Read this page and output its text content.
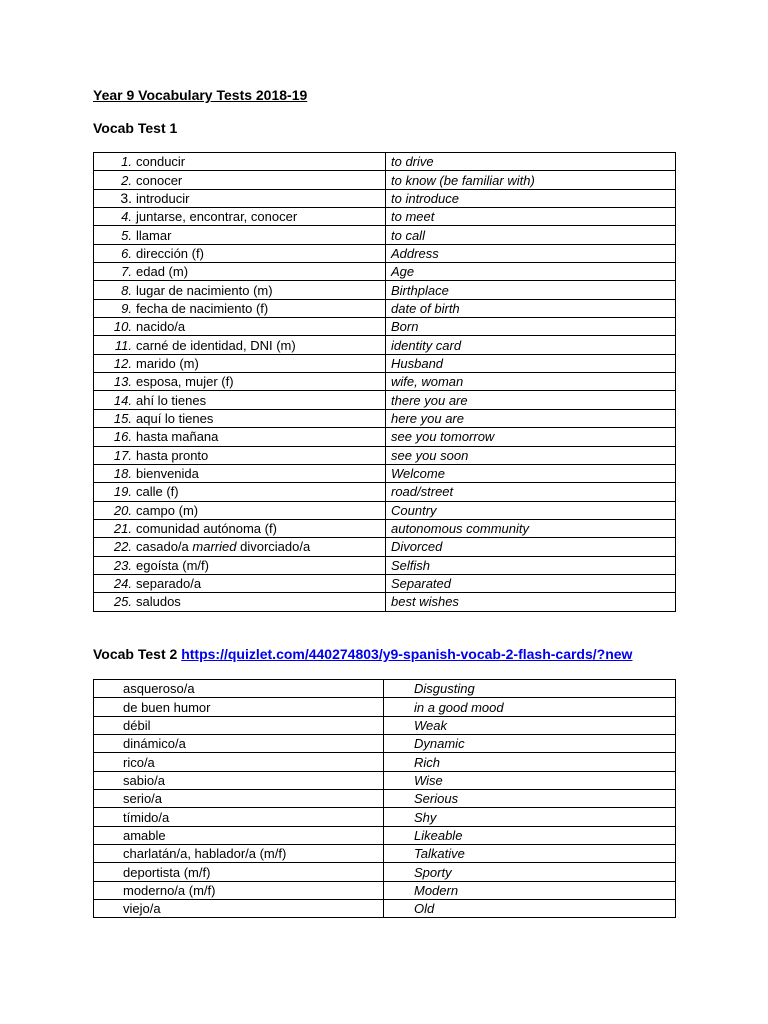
Year 9 Vocabulary Tests 2018-19
Vocab Test 1
1. conducir	to drive
2. conocer	to know (be familiar with)
3. introducir	to introduce
4. juntarse, encontrar, conocer	to meet
5. llamar	to call
6. dirección (f)	Address
7. edad (m)	Age
8. lugar de nacimiento (m)	Birthplace
9. fecha de nacimiento (f)	date of birth
10. nacido/a	Born
11. carné de identidad, DNI (m)	identity card
12. marido (m)	Husband
13. esposa, mujer (f)	wife, woman
14. ahí lo tienes	there you are
15. aquí lo tienes	here you are
16. hasta mañana	see you tomorrow
17. hasta pronto	see you soon
18. bienvenida	Welcome
19. calle (f)	road/street
20. campo (m)	Country
21. comunidad autónoma (f)	autonomous community
22. casado/a married divorciado/a	Divorced
23. egoísta (m/f)	Selfish
24. separado/a	Separated
25. saludos	best wishes
Vocab Test 2 https://quizlet.com/440274803/y9-spanish-vocab-2-flash-cards/?new
asqueroso/a	Disgusting
de buen humor	in a good mood
débil	Weak
dinámico/a	Dynamic
rico/a	Rich
sabio/a	Wise
serio/a	Serious
tímido/a	Shy
amable	Likeable
charlatán/a, hablador/a (m/f)	Talkative
deportista (m/f)	Sporty
moderno/a (m/f)	Modern
viejo/a	Old
